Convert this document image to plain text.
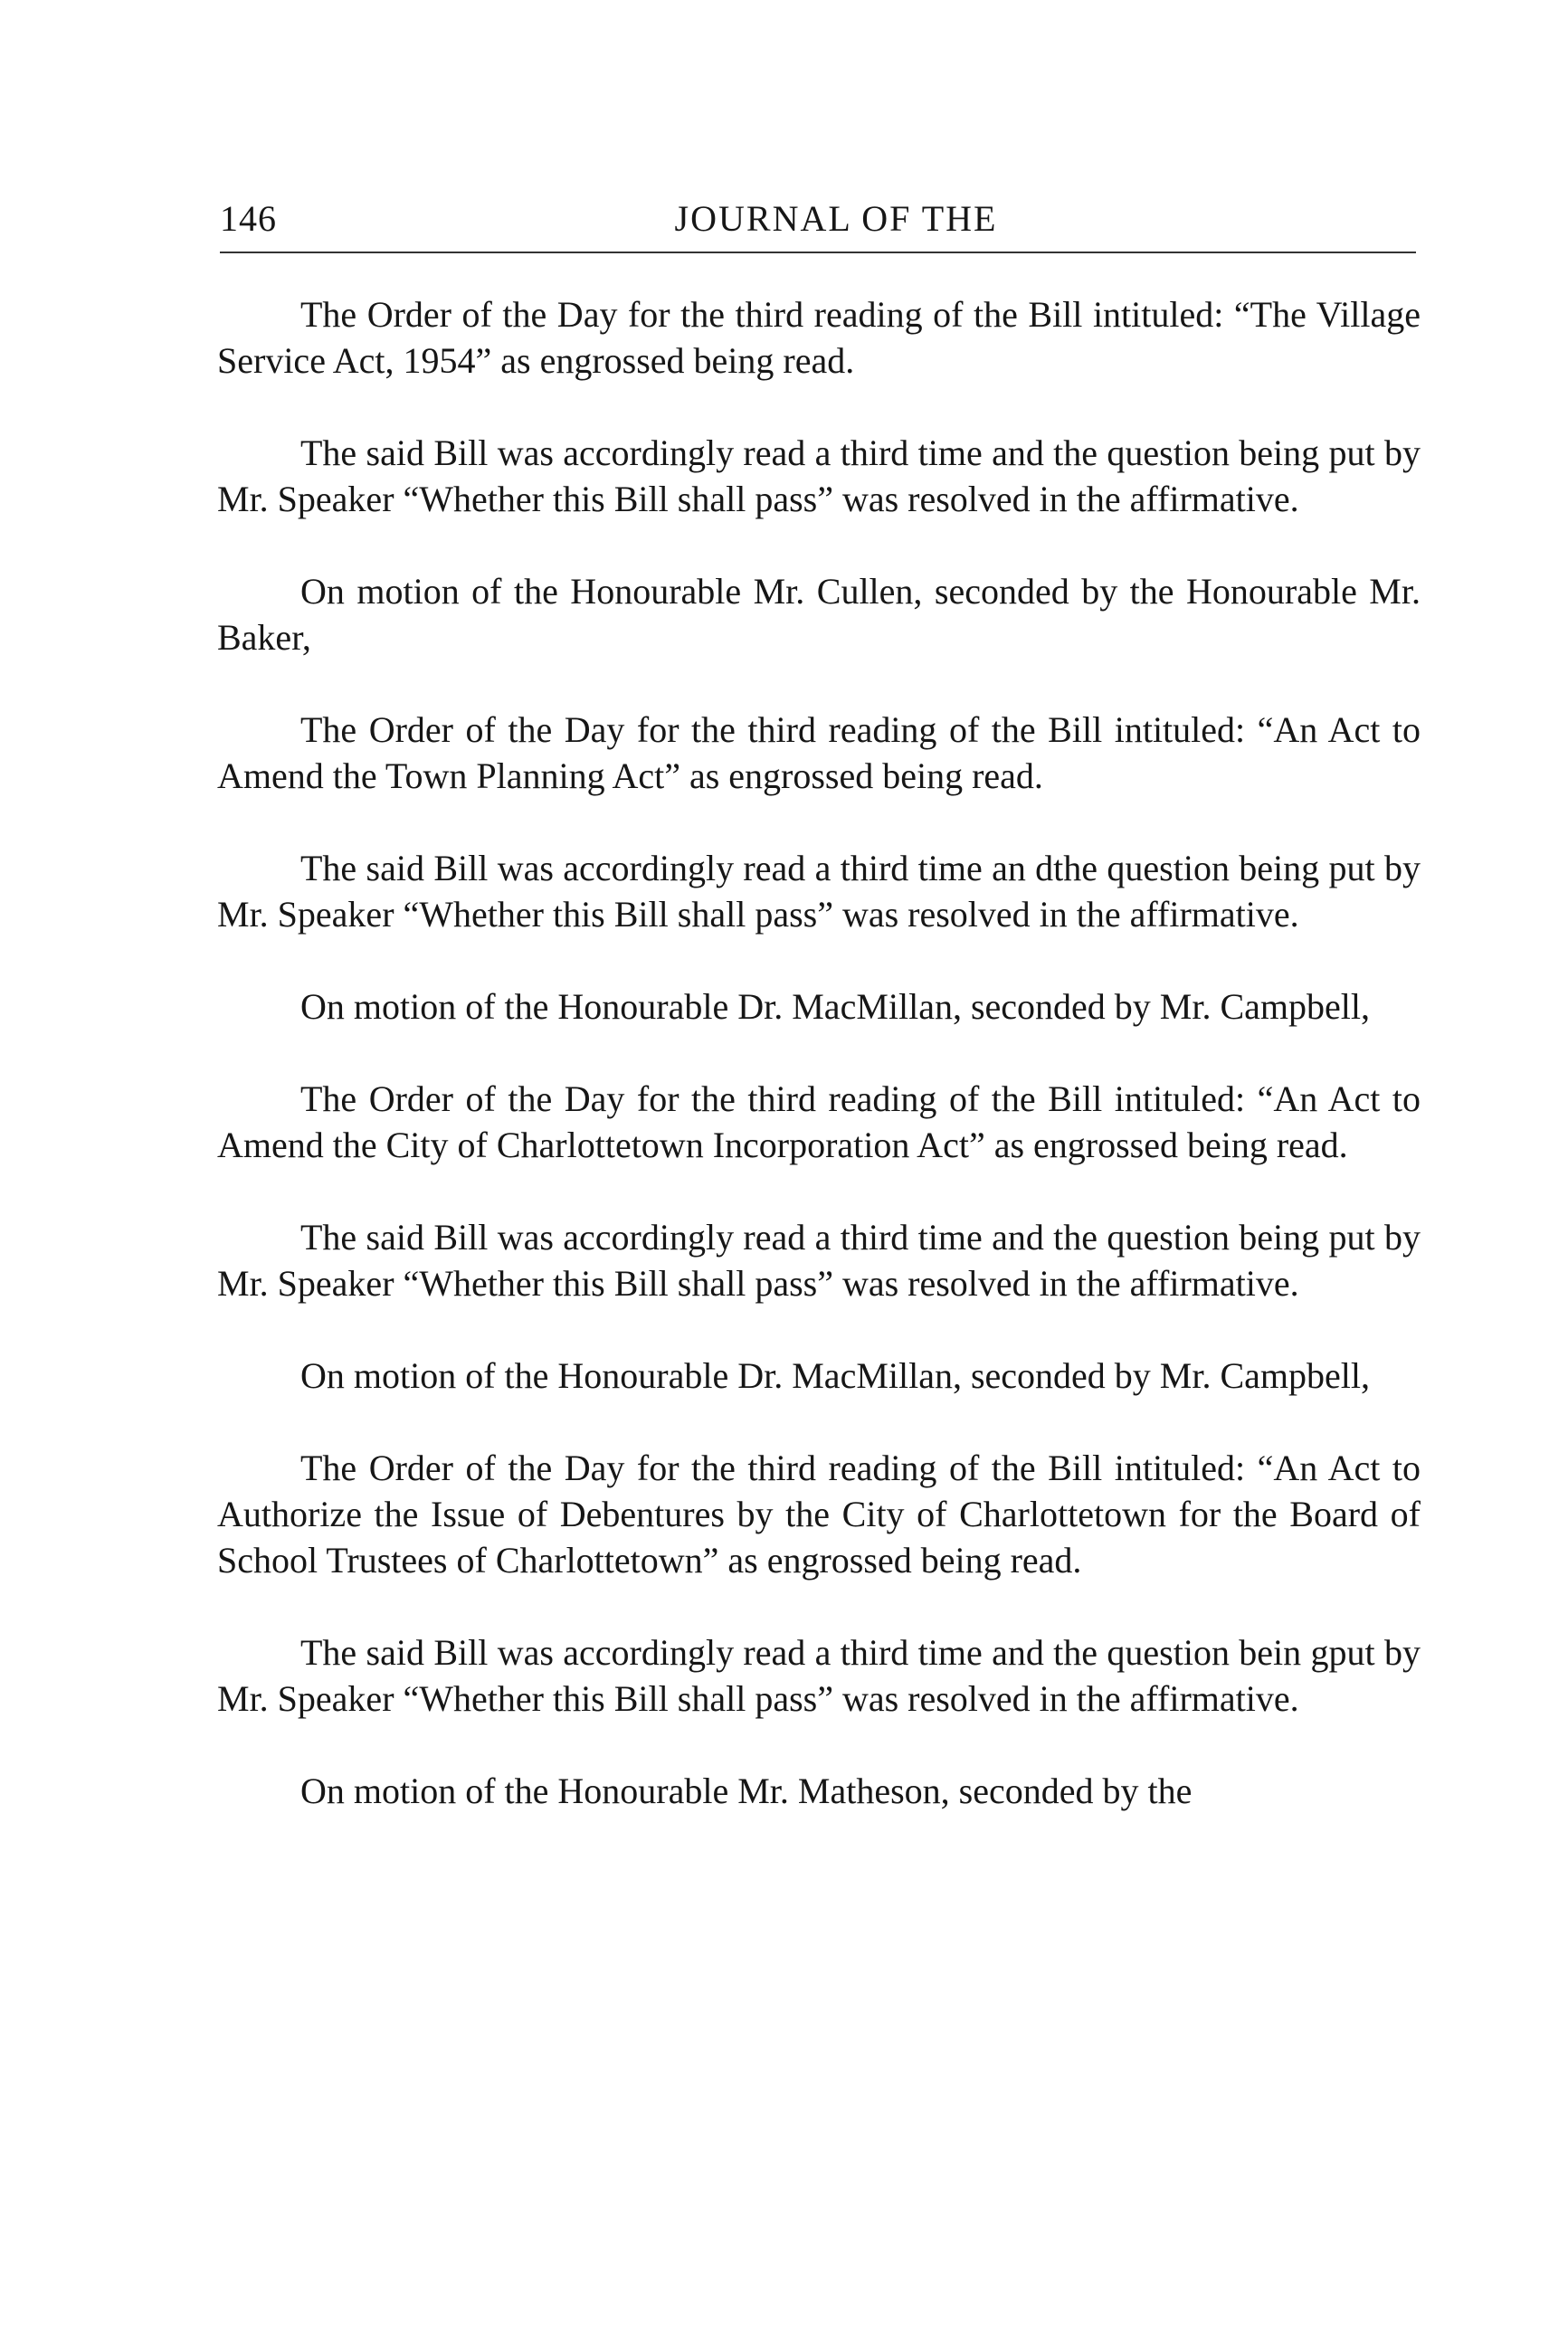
146	JOURNAL OF THE

The Order of the Day for the third reading of the Bill intituled: “The Village Service Act, 1954” as engrossed being read.

The said Bill was accordingly read a third time and the question being put by Mr. Speaker “Whether this Bill shall pass” was resolved in the affirmative.

On motion of the Honourable Mr. Cullen, seconded by the Honourable Mr. Baker,

The Order of the Day for the third reading of the Bill intituled: “An Act to Amend the Town Planning Act” as engrossed being read.

The said Bill was accordingly read a third time an dthe question being put by Mr. Speaker “Whether this Bill shall pass” was resolved in the affirmative.

On motion of the Honourable Dr. MacMillan, seconded by Mr. Campbell,

The Order of the Day for the third reading of the Bill intituled: “An Act to Amend the City of Charlottetown Incorporation Act” as engrossed being read.

The said Bill was accordingly read a third time and the question being put by Mr. Speaker “Whether this Bill shall pass” was resolved in the affirmative.

On motion of the Honourable Dr. MacMillan, seconded by Mr. Campbell,

The Order of the Day for the third reading of the Bill intituled: “An Act to Authorize the Issue of Debentures by the City of Charlottetown for the Board of School Trustees of Charlottetown” as engrossed being read.

The said Bill was accordingly read a third time and the question bein gput by Mr. Speaker “Whether this Bill shall pass” was resolved in the affirmative.

On motion of the Honourable Mr. Matheson, seconded by the
